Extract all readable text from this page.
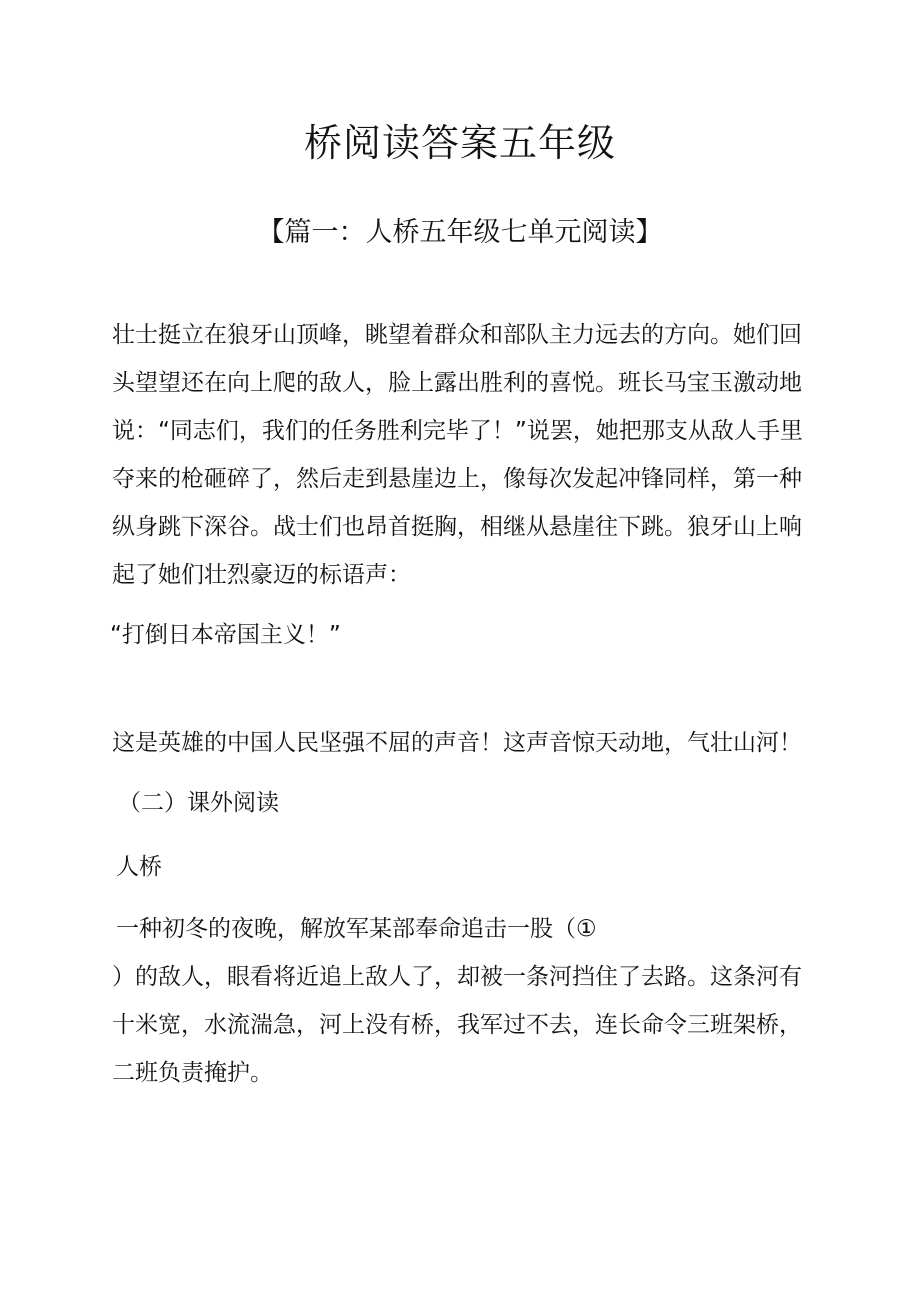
桥阅读答案五年级
【篇一：人桥五年级七单元阅读】
壮士挺立在狼牙山顶峰，眺望着群众和部队主力远去的方向。她们回
头望望还在向上爬的敌人，脸上露出胜利的喜悦。班长马宝玉激动地
说：“同志们，我们的任务胜利完毕了！”说罢，她把那支从敌人手里
夺来的枪砸碎了，然后走到悬崖边上，像每次发起冲锋同样，第一种
纵身跳下深谷。战士们也昂首挺胸，相继从悬崖往下跳。狼牙山上响
起了她们壮烈豪迈的标语声：
“打倒日本帝国主义！”
这是英雄的中国人民坚强不屈的声音！这声音惊天动地，气壮山河！
（二）课外阅读
人桥
一种初冬的夜晚，解放军某部奉命追击一股（①
）的敌人，眼看将近追上敌人了，却被一条河挡住了去路。这条河有
十米宽，水流湍急，河上没有桥，我军过不去，连长命令三班架桥，
二班负责掩护。
